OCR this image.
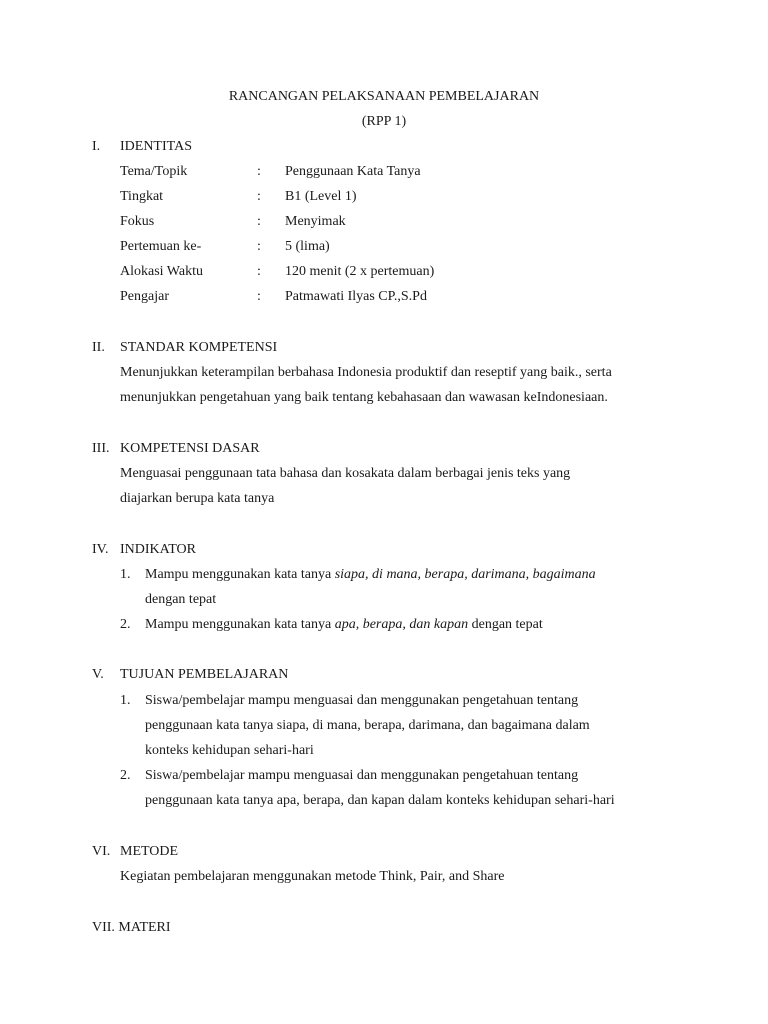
RANCANGAN PELAKSANAAN PEMBELAJARAN
(RPP 1)
I. IDENTITAS
Tema/Topik	: Penggunaan Kata Tanya
Tingkat	: B1 (Level 1)
Fokus	: Menyimak
Pertemuan ke-	: 5 (lima)
Alokasi Waktu	: 120 menit (2 x pertemuan)
Pengajar	: Patmawati Ilyas CP.,S.Pd
II. STANDAR KOMPETENSI
Menunjukkan keterampilan berbahasa Indonesia produktif dan reseptif yang baik., serta
menunjukkan pengetahuan yang baik tentang kebahasaan dan wawasan keIndonesiaan.
III. KOMPETENSI DASAR
Menguasai penggunaan tata bahasa dan kosakata dalam berbagai jenis teks yang
diajarkan berupa kata tanya
IV. INDIKATOR
1. Mampu menggunakan kata tanya siapa, di mana, berapa, darimana, bagaimana
dengan tepat
2. Mampu menggunakan kata tanya apa, berapa, dan kapan dengan tepat
V. TUJUAN PEMBELAJARAN
1. Siswa/pembelajar mampu menguasai dan menggunakan pengetahuan tentang
penggunaan kata tanya siapa, di mana, berapa, darimana, dan bagaimana dalam
konteks kehidupan sehari-hari
2. Siswa/pembelajar mampu menguasai dan menggunakan pengetahuan tentang
penggunaan kata tanya apa, berapa, dan kapan dalam konteks kehidupan sehari-hari
VI. METODE
Kegiatan pembelajaran menggunakan metode Think, Pair, and Share
VII. MATERI
